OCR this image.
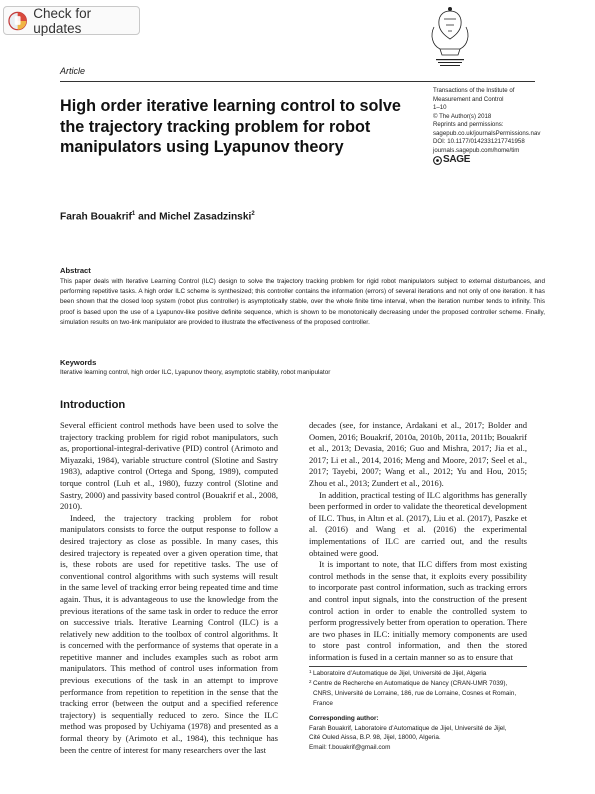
Check for updates
Article
High order iterative learning control to solve the trajectory tracking problem for robot manipulators using Lyapunov theory
Transactions of the Institute of
Measurement and Control
1–10
© The Author(s) 2018
Reprints and permissions:
sagepub.co.uk/journalsPermissions.nav
DOI: 10.1177/0142331217741958
journals.sagepub.com/home/tim
SAGE
Farah Bouakrif$^1$ and Michel Zasadzinski$^2$
Abstract

This paper deals with Iterative Learning Control (ILC) design to solve the trajectory tracking problem for rigid robot manipulators subject to external disturbances, and performing repetitive tasks. A high order ILC scheme is synthesized; this controller contains the information (errors) of several iterations and not only of one iteration. It has been shown that the closed loop system (robot plus controller) is asymptotically stable, over the whole finite time interval, when the iteration number tends to infinity. This proof is based upon the use of a Lyapunov-like positive definite sequence, which is shown to be monotonically decreasing under the proposed controller scheme. Finally, simulation results on two-link manipulator are provided to illustrate the effectiveness of the proposed controller.

Keywords
Iterative learning control, high order ILC, Lyapunov theory, asymptotic stability, robot manipulator
Introduction

Several efficient control methods have been used to solve the trajectory tracking problem for rigid robot manipulators, such as, proportional-integral-derivative (PID) control (Arimoto and Miyazaki, 1984), variable structure control (Slotine and Sastry 1983), adaptive control (Ortega and Spong, 1989), computed torque control (Luh et al., 1980), fuzzy control (Slotine and Sastry, 2000) and passivity based control (Bouakrif et al., 2008, 2010).

Indeed, the trajectory tracking problem for robot manipulators consists to force the output response to follow a desired trajectory as close as possible. In many cases, this desired trajectory is repeated over a given operation time, that is, these robots are used for repetitive tasks. The use of conventional control algorithms with such systems will result in the same level of tracking error being repeated time and time again. Thus, it is advantageous to use the knowledge from the previous iterations of the same task in order to reduce the error on successive trials. Iterative Learning Control (ILC) is a relatively new addition to the toolbox of control algorithms. It is concerned with the performance of systems that operate in a repetitive manner and includes examples such as robot arm manipulators. This method of control uses information from previous executions of the task in an attempt to improve performance from repetition to repetition in the sense that the tracking error (between the output and a specified reference trajectory) is sequentially reduced to zero. Since the ILC method was proposed by Uchiyama (1978) and presented as a formal theory by (Arimoto et al., 1984), this technique has been the centre of interest for many researchers over the last

decades (see, for instance, Ardakani et al., 2017; Bolder and Oomen, 2016; Bouakrif, 2010a, 2010b, 2011a, 2011b; Bouakrif et al., 2013; Devasia, 2016; Guo and Mishra, 2017; Jia et al., 2017; Li et al., 2014, 2016; Meng and Moore, 2017; Seel et al., 2017; Tayebi, 2007; Wang et al., 2012; Yu and Hou, 2015; Zhou et al., 2013; Zundert et al., 2016).

In addition, practical testing of ILC algorithms has generally been performed in order to validate the theoretical development of ILC. Thus, in Altın et al. (2017), Liu et al. (2017), Paszke et al. (2016) and Wang et al. (2016) the experimental implementations of ILC are carried out, and the results obtained were good.

It is important to note, that ILC differs from most existing control methods in the sense that, it exploits every possibility to incorporate past control information, such as tracking errors and control input signals, into the construction of the present control action in order to enable the controlled system to perform progressively better from operation to operation. There are two phases in ILC: initially memory components are used to store past control information, and then the stored information is fused in a certain manner so as to ensure that

1 Laboratoire d’Automatique de Jijel, Université de Jijel, Algeria
2 Centre de Recherche en Automatique de Nancy (CRAN-UMR 7039),
CNRS, Université de Lorraine, 186, rue de Lorraine, Cosnes et Romain,
France
Corresponding author:
Farah Bouakrif, Laboratoire d’Automatique de Jijel, Université de Jijel,
Cité Ouled Aissa, B.P. 98, Jijel, 18000, Algeria.
Email: f.bouakrif@gmail.com
